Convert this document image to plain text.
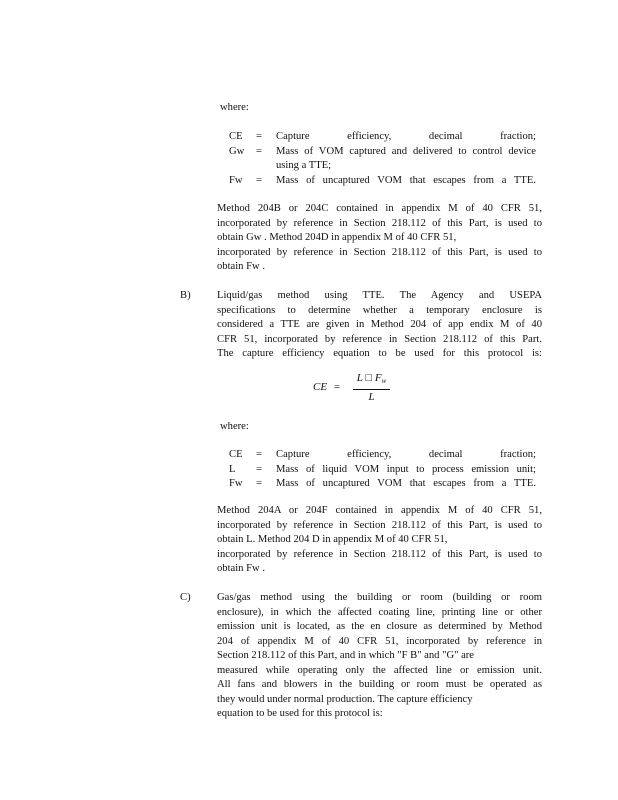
where:
CE	=	Capture efficiency, decimal fraction;
Gw	=	Mass of VOM captured and delivered to control device
using a TTE;
Fw	=	Mass of uncaptured VOM that escapes from a TTE.
Method 204B or 204C contained in appendix M of 40 CFR 51,
incorporated by reference in Section 218.112 of this Part, is used to
obtain Gw . Method 204D in appendix M of 40 CFR 51,
incorporated by reference in Section 218.112 of this Part, is used to
obtain Fw .
B) Liquid/gas method using TTE. The Agency and USEPA
specifications to determine whether a temporary enclosure is
considered a TTE are given in Method 204 of app endix M of 40
CFR 51, incorporated by reference in Section 218.112 of this Part.
The capture efficiency equation to be used for this protocol is:
CE = $\frac{L □ F_w}{L}$
where:
CE	=	Capture efficiency, decimal fraction;
L	=	Mass of liquid VOM input to process emission unit;
Fw	=	Mass of uncaptured VOM that escapes from a TTE.
Method 204A or 204F contained in appendix M of 40 CFR 51,
incorporated by reference in Section 218.112 of this Part, is used to
obtain L. Method 204 D in appendix M of 40 CFR 51,
incorporated by reference in Section 218.112 of this Part, is used to
obtain Fw .
C) Gas/gas method using the building or room (building or room
enclosure), in which the affected coating line, printing line or other
emission unit is located, as the en closure as determined by Method
204 of appendix M of 40 CFR 51, incorporated by reference in
Section 218.112 of this Part, and in which "F B" and "G" are
measured while operating only the affected line or emission unit.
All fans and blowers in the building or room must be operated as
they would under normal production. The capture efficiency
equation to be used for this protocol is:
